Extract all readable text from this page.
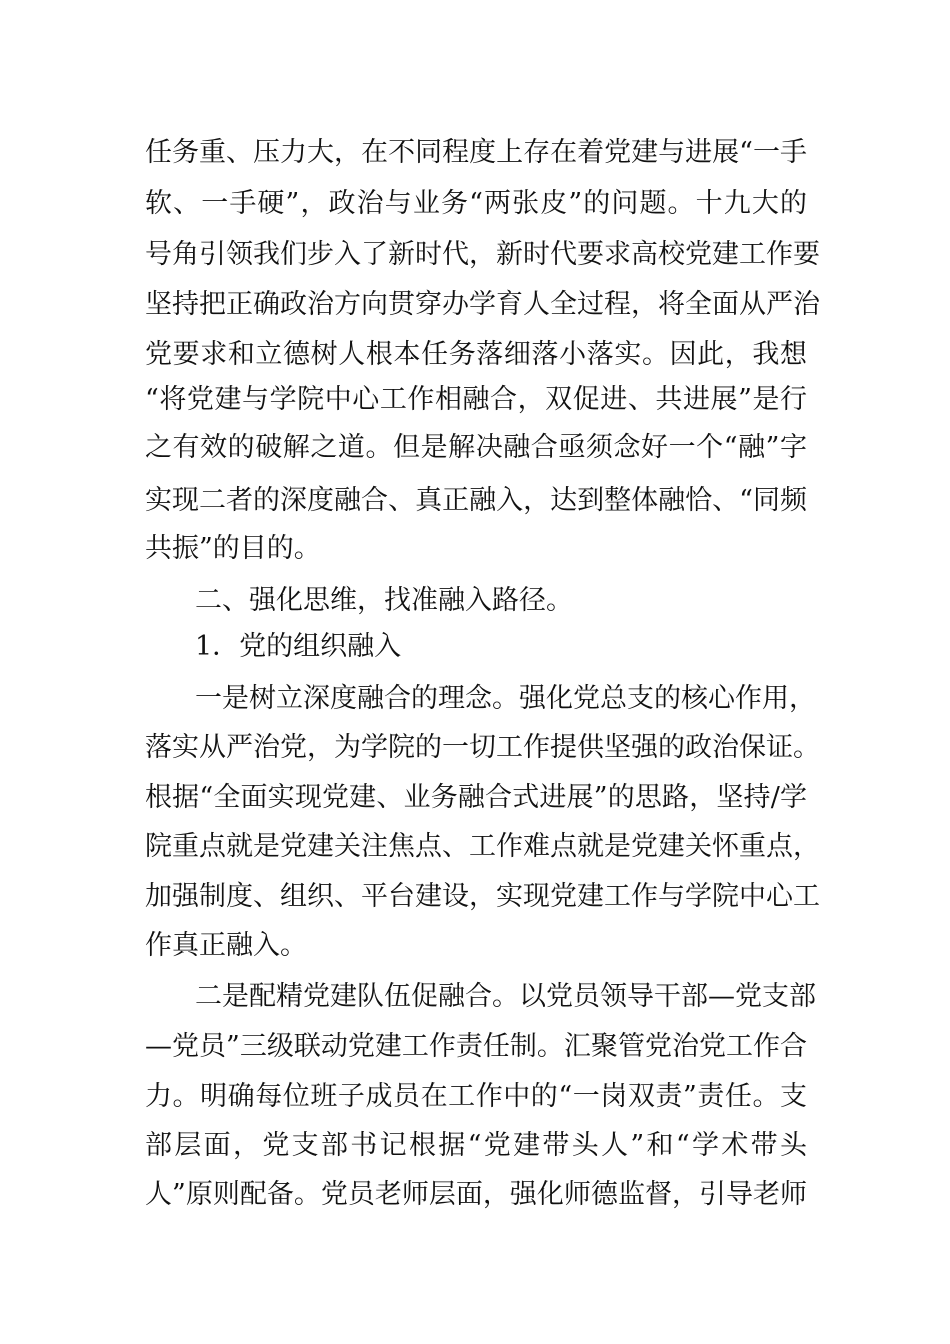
任务重、压力大，在不同程度上存在着党建与进展“一手
软、一手硬”，政治与业务“两张皮”的问题。十九大的
号角引领我们步入了新时代，新时代要求高校党建工作要
坚持把正确政治方向贯穿办学育人全过程，将全面从严治
党要求和立德树人根本任务落细落小落实。因此，我想
“将党建与学院中心工作相融合，双促进、共进展”是行
之有效的破解之道。但是解决融合亟须念好一个“融”字
实现二者的深度融合、真正融入，达到整体融恰、“同频
共振”的目的。
二、强化思维，找准融入路径。
1．党的组织融入
一是树立深度融合的理念。强化党总支的核心作用，
落实从严治党，为学院的一切工作提供坚强的政治保证。
根据“全面实现党建、业务融合式进展”的思路，坚持/学
院重点就是党建关注焦点、工作难点就是党建关怀重点，
加强制度、组织、平台建设，实现党建工作与学院中心工
作真正融入。
二是配精党建队伍促融合。以党员领导干部—党支部
—党员”三级联动党建工作责任制。汇聚管党治党工作合
力。明确每位班子成员在工作中的“一岗双责”责任。支
部层面，党支部书记根据“党建带头人”和“学术带头
人”原则配备。党员老师层面，强化师德监督，引导老师
